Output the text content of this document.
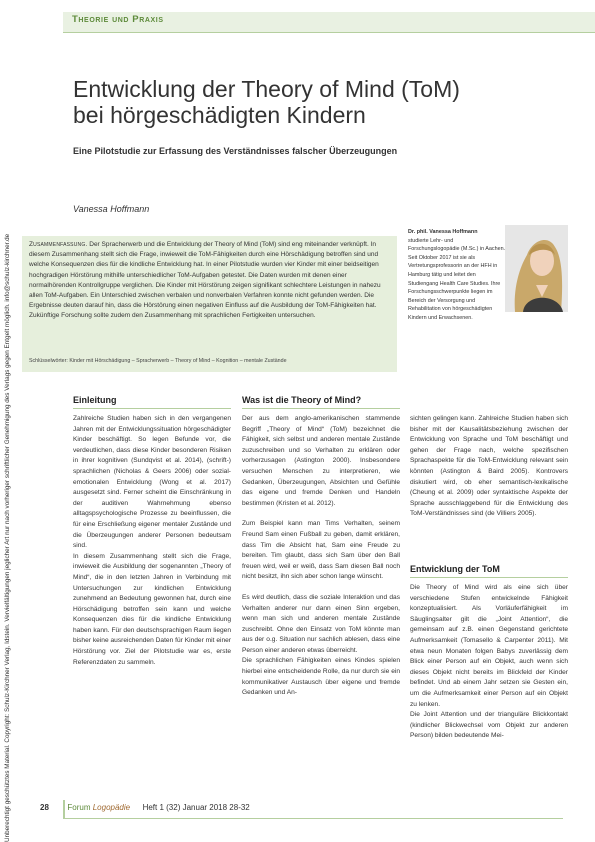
Unberechtigt geschütztes Material. Copyright: Schulz-Kirchner Verlag, Idstein. Vervielfältigungen jeglicher Art nur nach vorheriger schriftlicher Genehmigung des Verlags gegen Entgelt möglich. info@schulz-kirchner.de
Theorie und Praxis
Entwicklung der Theory of Mind (ToM)
bei hörgeschädigten Kindern
Eine Pilotstudie zur Erfassung des Verständnisses falscher Überzeugungen
Vanessa Hoffmann
Zusammenfassung. Der Spracherwerb und die Entwicklung der Theory of Mind (ToM) sind eng miteinander verknüpft. In diesem Zusammenhang stellt sich die Frage, inwieweit die ToM-Fähigkeiten durch eine Hörschädigung betroffen sind und welche Konsequenzen dies für die kindliche Entwicklung hat. In einer Pilotstudie wurden vier Kinder mit einer beidseitigen hochgradigen Hörstörung mithilfe unterschiedlicher ToM-Aufgaben getestet. Die Daten wurden mit denen einer normalhörenden Kontrollgruppe verglichen. Die Kinder mit Hörstörung zeigen signifikant schlechtere Leistungen in nahezu allen ToM-Aufgaben. Ein Unterschied zwischen verbalen und nonverbalen Verfahren konnte nicht gefunden werden. Die Ergebnisse deuten darauf hin, dass die Hörstörung einen negativen Einfluss auf die Ausbildung der ToM-Fähigkeiten hat. Zukünftige Forschung sollte zudem den Zusammenhang mit sprachlichen Fertigkeiten untersuchen.
Schlüsselwörter: Kinder mit Hörschädigung – Spracherwerb – Theory of Mind – Kognition – mentale Zustände
Dr. phil. Vanessa Hoffmann
studierte Lehr- und Forschungslogopädie (M.Sc.) in Aachen. Seit Oktober 2017 ist sie als Vertretungsprofessorin an der HFH in Hamburg tätig und leitet den Studiengang Health Care Studies. Ihre Forschungsschwerpunkte liegen im Bereich der Versorgung und Rehabilitation von hörgeschädigten Kindern und Erwachsenen.
Einleitung

Zahlreiche Studien haben sich in den vergangenen Jahren mit der Entwicklungssituation hörgeschädigter Kinder beschäftigt. So legen Befunde vor, die verdeutlichen, dass diese Kinder besonderen Risiken in ihrer kognitiven (Sundqvist et al. 2014), (schrift-) sprachlichen (Nicholas & Geers 2006) oder sozial-emotionalen Entwicklung (Wong et al. 2017) ausgesetzt sind. Ferner scheint die Einschränkung in der auditiven Wahrnehmung ebenso alltagspsychologische Prozesse zu beeinflussen, die für eine Erschließung eigener mentaler Zustände und die Überzeugungen anderer Personen bedeutsam sind.

In diesem Zusammenhang stellt sich die Frage, inwieweit die Ausbildung der sogenannten „Theory of Mind“, die in den letzten Jahren in Verbindung mit Untersuchungen zur kindlichen Entwicklung zunehmend an Bedeutung gewonnen hat, durch eine Hörschädigung betroffen sein kann und welche Konsequenzen dies für die kindliche Entwicklung haben kann. Für den deutschsprachigen Raum liegen bisher keine ausreichenden Daten für Kinder mit einer Hörstörung vor. Ziel der Pilotstudie war es, erste Referenzdaten zu sammeln.

Was ist die Theory of Mind?

Der aus dem anglo-amerikanischen stammende Begriff „Theory of Mind“ (ToM) bezeichnet die Fähigkeit, sich selbst und anderen mentale Zustände zuzuschreiben und so Verhalten zu erklären oder vorherzusagen (Astington 2000). Insbesondere versuchen Menschen zu interpretieren, wie Gedanken, Überzeugungen, Absichten und Gefühle das eigene und fremde Denken und Handeln bestimmen (Kristen et al. 2012).

Zum Beispiel kann man Tims Verhalten, seinem Freund Sam einen Fußball zu geben, damit erklären, dass Tim die Absicht hat, Sam eine Freude zu bereiten. Tim glaubt, dass sich Sam über den Ball freuen wird, weil er weiß, dass Sam diesen Ball noch nicht besitzt, ihn sich aber schon lange wünscht.

Es wird deutlich, dass die soziale Interaktion und das Verhalten anderer nur dann einen Sinn ergeben, wenn man sich und anderen mentale Zustände zuschreibt. Ohne den Einsatz von ToM könnte man aus der o.g. Situation nur sachlich ablesen, dass eine Person einer anderen etwas überreicht.

Die sprachlichen Fähigkeiten eines Kindes spielen hierbei eine entscheidende Rolle, da nur durch sie ein kommunikativer Austausch über eigene und fremde Gedanken und An-

sichten gelingen kann. Zahlreiche Studien haben sich bisher mit der Kausalitätsbeziehung zwischen der Entwicklung von Sprache und ToM beschäftigt und gehen der Frage nach, welche spezifischen Sprachaspekte für die ToM-Entwicklung relevant sein könnten (Astington & Baird 2005). Kontrovers diskutiert wird, ob eher semantisch-lexikalische (Cheung et al. 2009) oder syntaktische Aspekte der Sprache ausschlaggebend für die Entwicklung des ToM-Verständnisses sind (de Villiers 2005).

Entwicklung der ToM

Die Theory of Mind wird als eine sich über verschiedene Stufen entwickelnde Fähigkeit konzeptualisiert. Als Vorläuferfähigkeit im Säuglingsalter gilt die „Joint Attention“, die gemeinsam auf z.B. einen Gegenstand gerichtete Aufmerksamkeit (Tomasello & Carpenter 2011). Mit etwa neun Monaten folgen Babys zuverlässig dem Blick einer Person auf ein Objekt, auch wenn sich dieses Objekt nicht bereits im Blickfeld der Kinder befindet. Und ab einem Jahr setzen sie Gesten ein, um die Aufmerksamkeit einer Person auf ein Objekt zu lenken.

Die Joint Attention und der trianguläre Blickkontakt (kindlicher Blickwechsel vom Objekt zur anderen Person) bilden bedeutende Mei-

28 Forum Logopädie Heft 1 (32) Januar 2018 28-32
